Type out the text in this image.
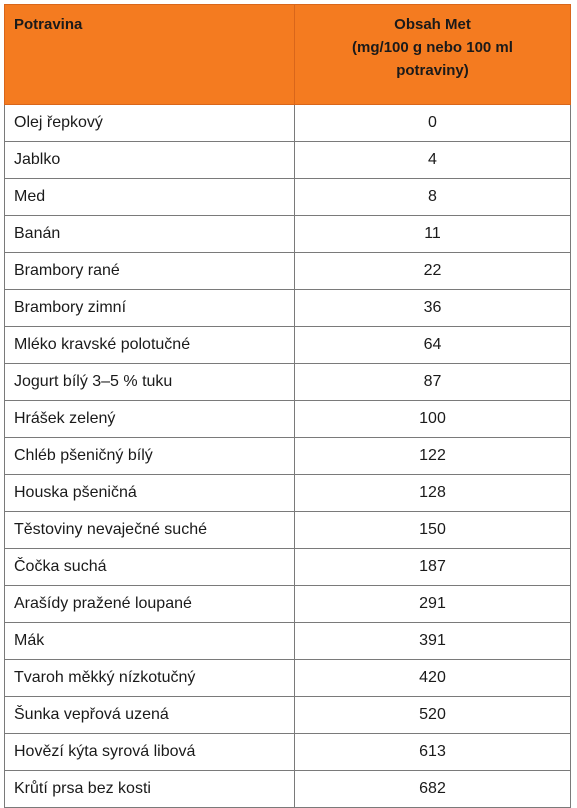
Potravina	Obsah Met
(mg/100 g nebo 100 ml
potraviny)

Olej řepkový	0
Jablko	4
Med	8
Banán	11
Brambory rané	22
Brambory zimní	36
Mléko kravské polotučné	64
Jogurt bílý 3–5 % tuku	87
Hrášek zelený	100
Chléb pšeničný bílý	122
Houska pšeničná	128
Těstoviny nevaječné suché	150
Čočka suchá	187
Arašídy pražené loupané	291
Mák	391
Tvaroh měkký nízkotučný	420
Šunka vepřová uzená	520
Hovězí kýta syrová libová	613
Krůtí prsa bez kosti	682
